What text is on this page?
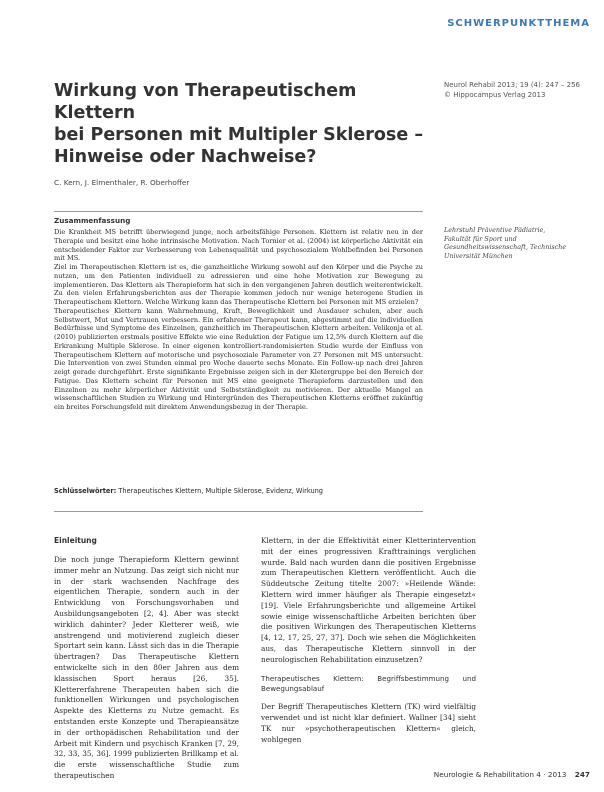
SCHWERPUNKTTHEMA
Wirkung von Therapeutischem Klettern
bei Personen mit Multipler Sklerose –
Hinweise oder Nachweise?
Neurol Rehabil 2013; 19 (4): 247 – 256
© Hippocampus Verlag 2013
C. Kern, J. Elmenthaler, R. Oberhoffer
Zusammenfassung

Die Krankheit MS betrifft überwiegend junge, noch arbeitsfähige Personen. Klettern ist relativ neu in der Therapie und besitzt eine hohe intrinsische Motivation. Nach Tornier et al. (2004) ist körperliche Aktivität ein entscheidender Faktor zur Verbesserung von Lebensqualität und psychosozialem Wohlbefinden bei Personen mit MS.

Ziel im Therapeutischen Klettern ist es, die ganzheitliche Wirkung sowohl auf den Körper und die Psyche zu nutzen, um den Patienten individuell zu adressieren und eine hohe Motivation zur Bewegung zu implementieren. Das Klettern als Therapieform hat sich in den vergangenen Jahren deutlich weiterentwickelt. Zu den vielen Erfahrungsberichten aus der Therapie kommen jedoch nur wenige heterogene Studien in Therapeutischem Klettern. Welche Wirkung kann das Therapeutische Klettern bei Personen mit MS erzielen?

Therapeutisches Klettern kann Wahrnehmung, Kraft, Beweglichkeit und Ausdauer schulen, aber auch Selbstwert, Mut und Vertrauen verbessern. Ein erfahrener Therapeut kann, abgestimmt auf die individuellen Bedürfnisse und Symptome des Einzelnen, ganzheitlich im Therapeutischen Klettern arbeiten. Velikonja et al. (2010) publizierten erstmals positive Effekte wie eine Reduktion der Fatigue um 12,5% durch Klettern auf die Erkrankung Multiple Sklerose. In einer eigenen kontrolliert-randomisierten Studie wurde der Einfluss von Therapeutischem Klettern auf motorische und psychosoziale Parameter von 27 Personen mit MS untersucht. Die Intervention von zwei Stunden einmal pro Woche dauerte sechs Monate. Ein Follow-up nach drei Jahren zeigt gerade durchgeführt. Erste signifikante Ergebnisse zeigen sich in der Kletergruppe bei den Bereich der Fatigue. Das Klettern scheint für Personen mit MS eine geeignete Therapieform darzustellen und den Einzelnen zu mehr körperlicher Aktivität und Selbstständigkeit zu motivieren. Der aktuelle Mangel an wissenschaftlichen Studien zu Wirkung und Hintergründen des Therapeutischen Kletterns eröffnet zukünftig ein breites Forschungsfeld mit direktem Anwendungsbezug in der Therapie.

Schlüsselwörter: Therapeutisches Klettern, Multiple Sklerose, Evidenz, Wirkung
Lehrstuhl Präventive Pädiatrie,
Fakultät für Sport und
Gesundheitswissenschaft, Technische
Universität München
Einleitung

Die noch junge Therapieform Klettern gewinnt immer mehr an Nutzung. Das zeigt sich nicht nur in der stark wachsenden Nachfrage des eigentlichen Therapie, sondern auch in der Entwicklung von Forschungsvorhaben und Ausbildungsangeboten [2, 4]. Aber was steckt wirklich dahinter? Jeder Kletterer weiß, wie anstrengend und motivierend zugleich dieser Sportart sein kann. Lässt sich das in die Therapie übertragen? Das Therapeutische Klettern entwickelte sich in den 80er Jahren aus dem klassischen Sport heraus [26, 35]. Klettererfahrene Therapeuten haben sich die funktionellen Wirkungen und psychologischen Aspekte des Kletterns zu Nutze gemacht. Es entstanden erste Konzepte und Therapieansätze in der orthopädischen Rehabilitation und der Arbeit mit Kindern und psychisch Kranken [7, 29, 32, 33, 35, 36]. 1999 publizierten Brillkamp et al. die erste wissenschaftliche Studie zum therapeutischen

Klettern, in der die Effektivität einer Kletterintervention mit der eines progressiven Krafttrainings verglichen wurde. Bald nach wurden dann die positiven Ergebnisse zum Therapeutischen Klettern veröffentlicht. Auch die Süddeutsche Zeitung titelte 2007: »Heilende Wände: Klettern wird immer häufiger als Therapie eingesetzt« [19]. Viele Erfahrungsberichte und allgemeine Artikel sowie einige wissenschaftliche Arbeiten berichten über die positiven Wirkungen des Therapeutischen Kletterns [4, 12, 17, 25, 27, 37]. Doch wie sehen die Möglichkeiten aus, das Therapeutische Klettern sinnvoll in der neurologischen Rehabilitation einzusetzen?

Therapeutisches Klettern: Begriffsbestimmung und Bewegungsablauf

Der Begriff Therapeutisches Klettern (TK) wird vielfältig verwendet und ist nicht klar definiert. Wallner [34] sieht TK nur »psychotherapeutischen Klettern« gleich, wohlgegen

Neurologie & Rehabilitation 4 · 2013 247
